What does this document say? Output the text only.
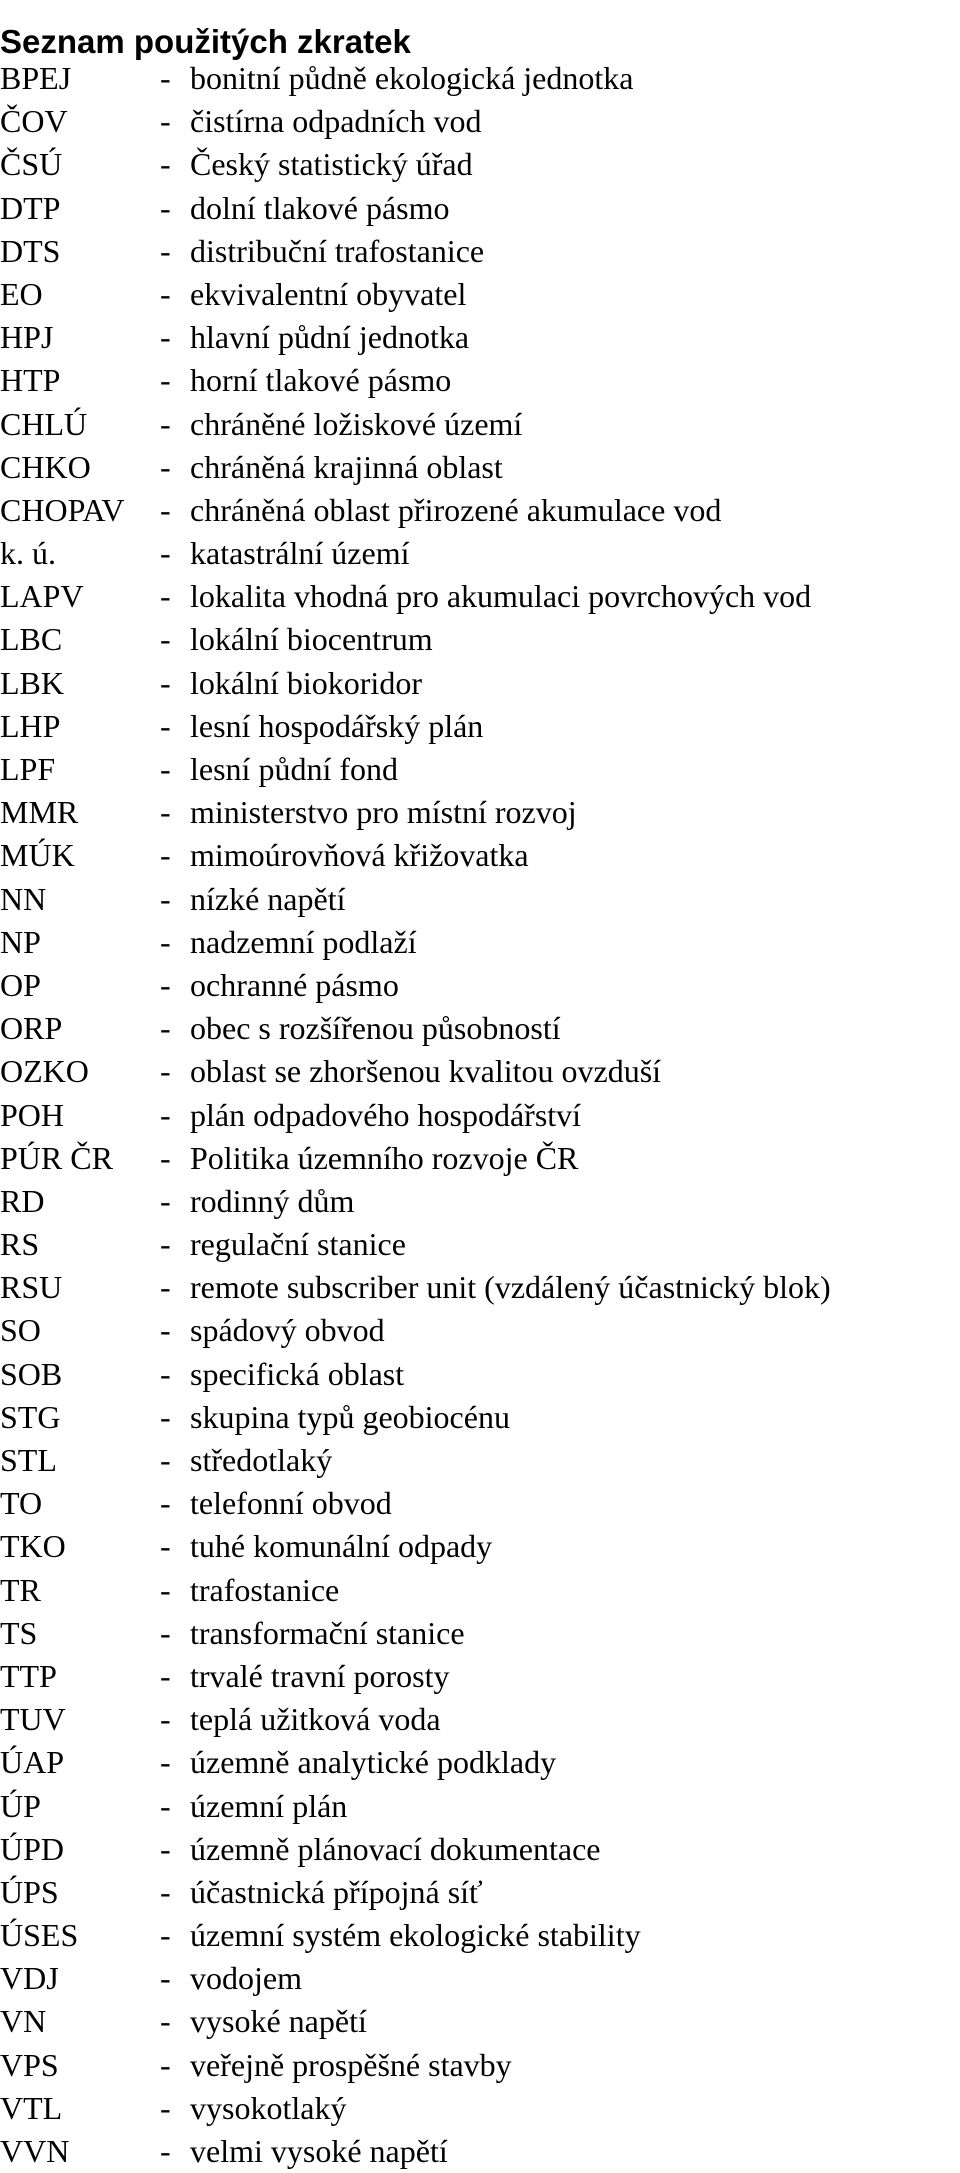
Seznam použitých zkratek
BPEJ	- bonitní půdně ekologická jednotka
ČOV	- čistírna odpadních vod
ČSÚ	- Český statistický úřad
DTP	- dolní tlakové pásmo
DTS	- distribuční trafostanice
EO	- ekvivalentní obyvatel
HPJ	- hlavní půdní jednotka
HTP	- horní tlakové pásmo
CHLÚ - chráněné ložiskové území
CHKO - chráněná krajinná oblast
CHOPAV - chráněná oblast přirozené akumulace vod
k. ú.	- katastrální území
LAPV - lokalita vhodná pro akumulaci povrchových vod
LBC	- lokální biocentrum
LBK	- lokální biokoridor
LHP	- lesní hospodářský plán
LPF	- lesní půdní fond
MMR	- ministerstvo pro místní rozvoj
MÚK	- mimoúrovňová křižovatka
NN	- nízké napětí
NP	- nadzemní podlaží
OP	- ochranné pásmo
ORP	- obec s rozšířenou působností
OZKO - oblast se zhoršenou kvalitou ovzduší
POH	- plán odpadového hospodářství
PÚR ČR - Politika územního rozvoje ČR
RD	- rodinný dům
RS	- regulační stanice
RSU	- remote subscriber unit (vzdálený účastnický blok)
SO	- spádový obvod
SOB	- specifická oblast
STG	- skupina typů geobiocénu
STL	- středotlaký
TO	- telefonní obvod
TKO	- tuhé komunální odpady
TR	- trafostanice
TS	- transformační stanice
TTP	- trvalé travní porosty
TUV	- teplá užitková voda
ÚAP	- územně analytické podklady
ÚP	- územní plán
ÚPD	- územně plánovací dokumentace
ÚPS	- účastnická přípojná síť
ÚSES	- územní systém ekologické stability
VDJ	- vodojem
VN	- vysoké napětí
VPS	- veřejně prospěšné stavby
VTL	- vysokotlaký
VVN	- velmi vysoké napětí
